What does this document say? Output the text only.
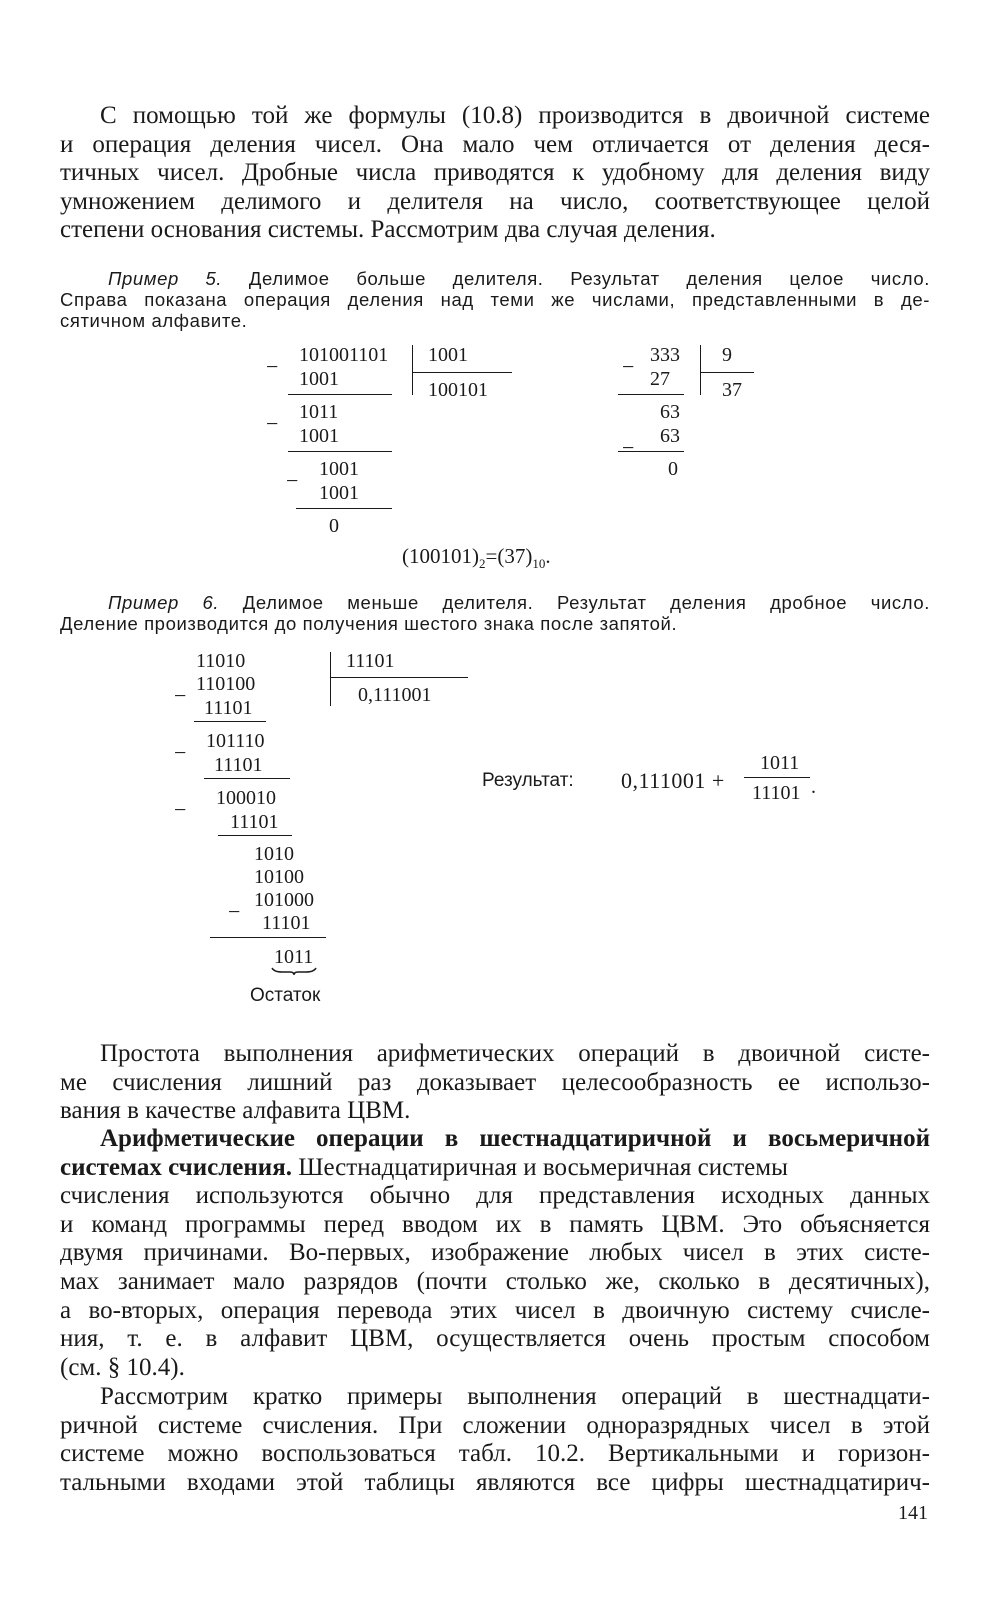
С помощью той же формулы (10.8) производится в двоичной системе
и операция деления чисел. Она мало чем отличается от деления деся-
тичных чисел. Дробные числа приводятся к удобному для деления виду
умножением делимого и делителя на число, соответствующее целой
степени основания системы. Рассмотрим два случая деления.
Пример 5. Делимое больше делителя. Результат деления целое число.
Справа показана операция деления над теми же числами, представленными в де-
сятичном алфавите.
− 101001101
1001
1001
100101
− 1011
1001
− 1001
1001
0
− 333
27
9
37
63
− 63
0
$(100101)_2=(37)_{10}$.
Пример 6. Делимое меньше делителя. Результат деления дробное число.
Деление производится до получения шестого знака после запятой.
11010	11101
0,111001
− 110100
11101
− 101110
11101
− 100010
11101
1010
10100
− 101000
11101
1011
Остаток
Результат: 0,111001 +
1011
11101 .
Простота выполнения арифметических операций в двоичной систе-
ме счисления лишний раз доказывает целесообразность ее использо-
вания в качестве алфавита ЦВМ.
Арифметические операции в шестнадцатиричной и восьмеричной системах счисления. Шестнадцатиричная и восьмеричная системы
счисления используются обычно для представления исходных данных
и команд программы перед вводом их в память ЦВМ. Это объясняется
двумя причинами. Во-первых, изображение любых чисел в этих систе-
мах занимает мало разрядов (почти столько же, сколько в десятичных),
а во-вторых, операция перевода этих чисел в двоичную систему счисле-
ния, т. е. в алфавит ЦВМ, осуществляется очень простым способом
(см. § 10.4).
Рассмотрим кратко примеры выполнения операций в шестнадцати-
ричной системе счисления. При сложении одноразрядных чисел в этой
системе можно воспользоваться табл. 10.2. Вертикальными и горизон-
тальными входами этой таблицы являются все цифры шестнадцатирич-
141
